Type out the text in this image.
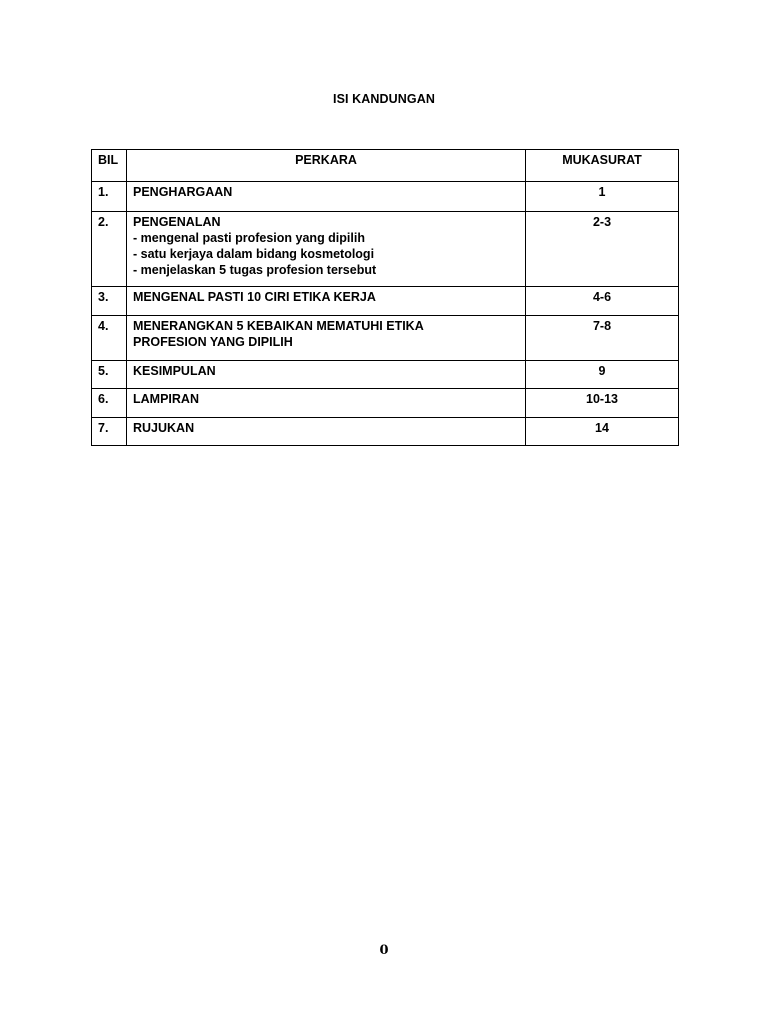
ISI KANDUNGAN
BIL	PERKARA	MUKASURAT
1.	PENGHARGAAN	1
2.	PENGENALAN
- mengenal pasti profesion yang dipilih
- satu kerjaya dalam bidang kosmetologi
- menjelaskan 5 tugas profesion tersebut	2-3
3.	MENGENAL PASTI 10 CIRI ETIKA KERJA	4-6
4.	MENERANGKAN 5 KEBAIKAN MEMATUHI ETIKA
PROFESION YANG DIPILIH	7-8
5.	KESIMPULAN	9
6.	LAMPIRAN	10-13
7.	RUJUKAN	14
0
